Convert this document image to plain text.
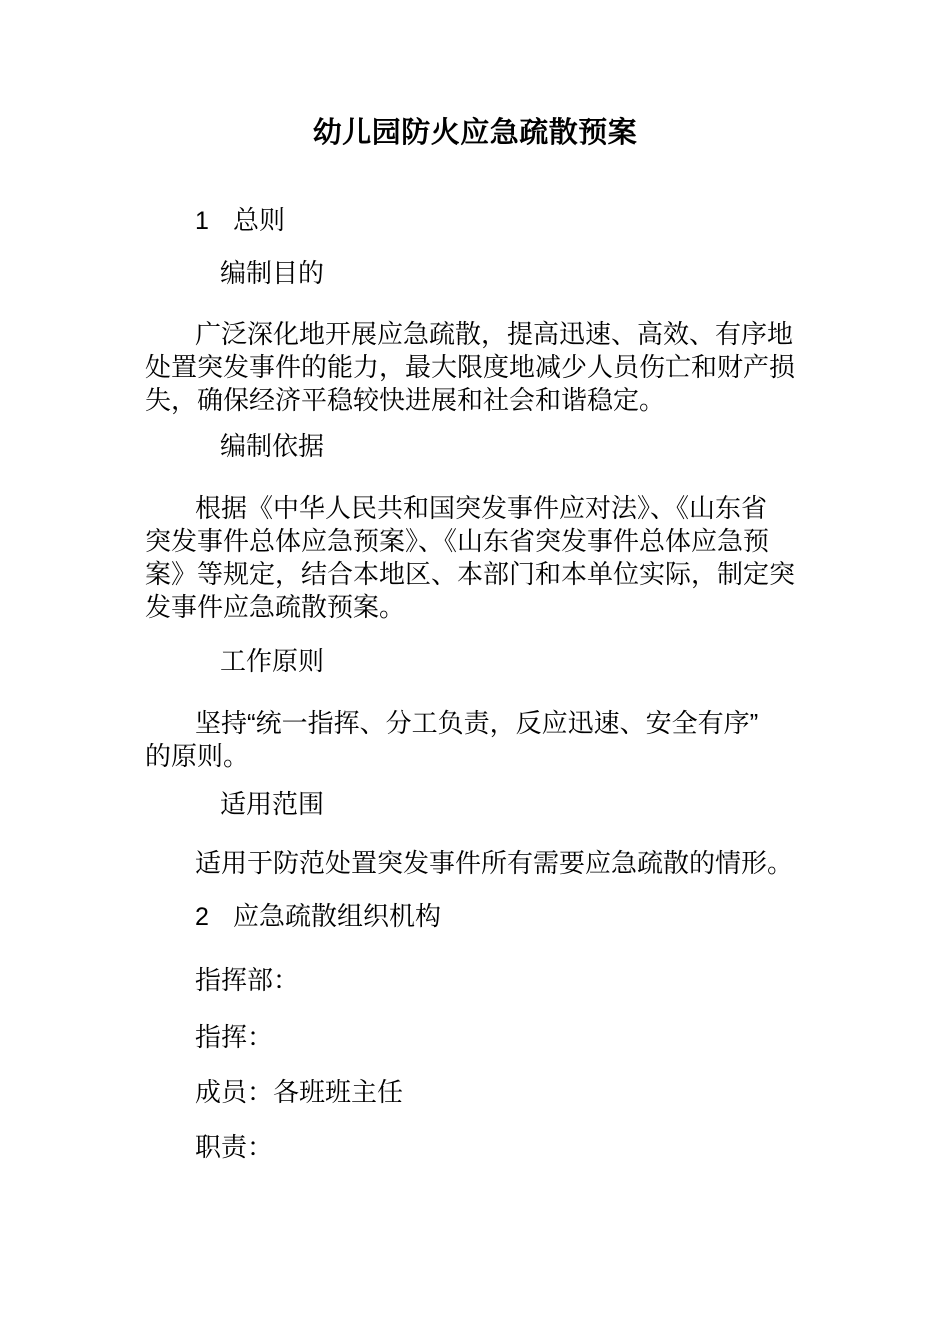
幼儿园防火应急疏散预案

1 总则

编制目的

广泛深化地开展应急疏散，提高迅速、高效、有序地
处置突发事件的能力，最大限度地减少人员伤亡和财产损
失，确保经济平稳较快进展和社会和谐稳定。

编制依据

根据《中华人民共和国突发事件应对法》、《山东省
突发事件总体应急预案》、《山东省突发事件总体应急预
案》等规定，结合本地区、本部门和本单位实际，制定突
发事件应急疏散预案。

工作原则

坚持“统一指挥、分工负责，反应迅速、安全有序”
的原则。

适用范围

适用于防范处置突发事件所有需要应急疏散的情形。

2 应急疏散组织机构

指挥部：

指挥：

成员：各班班主任

职责：
